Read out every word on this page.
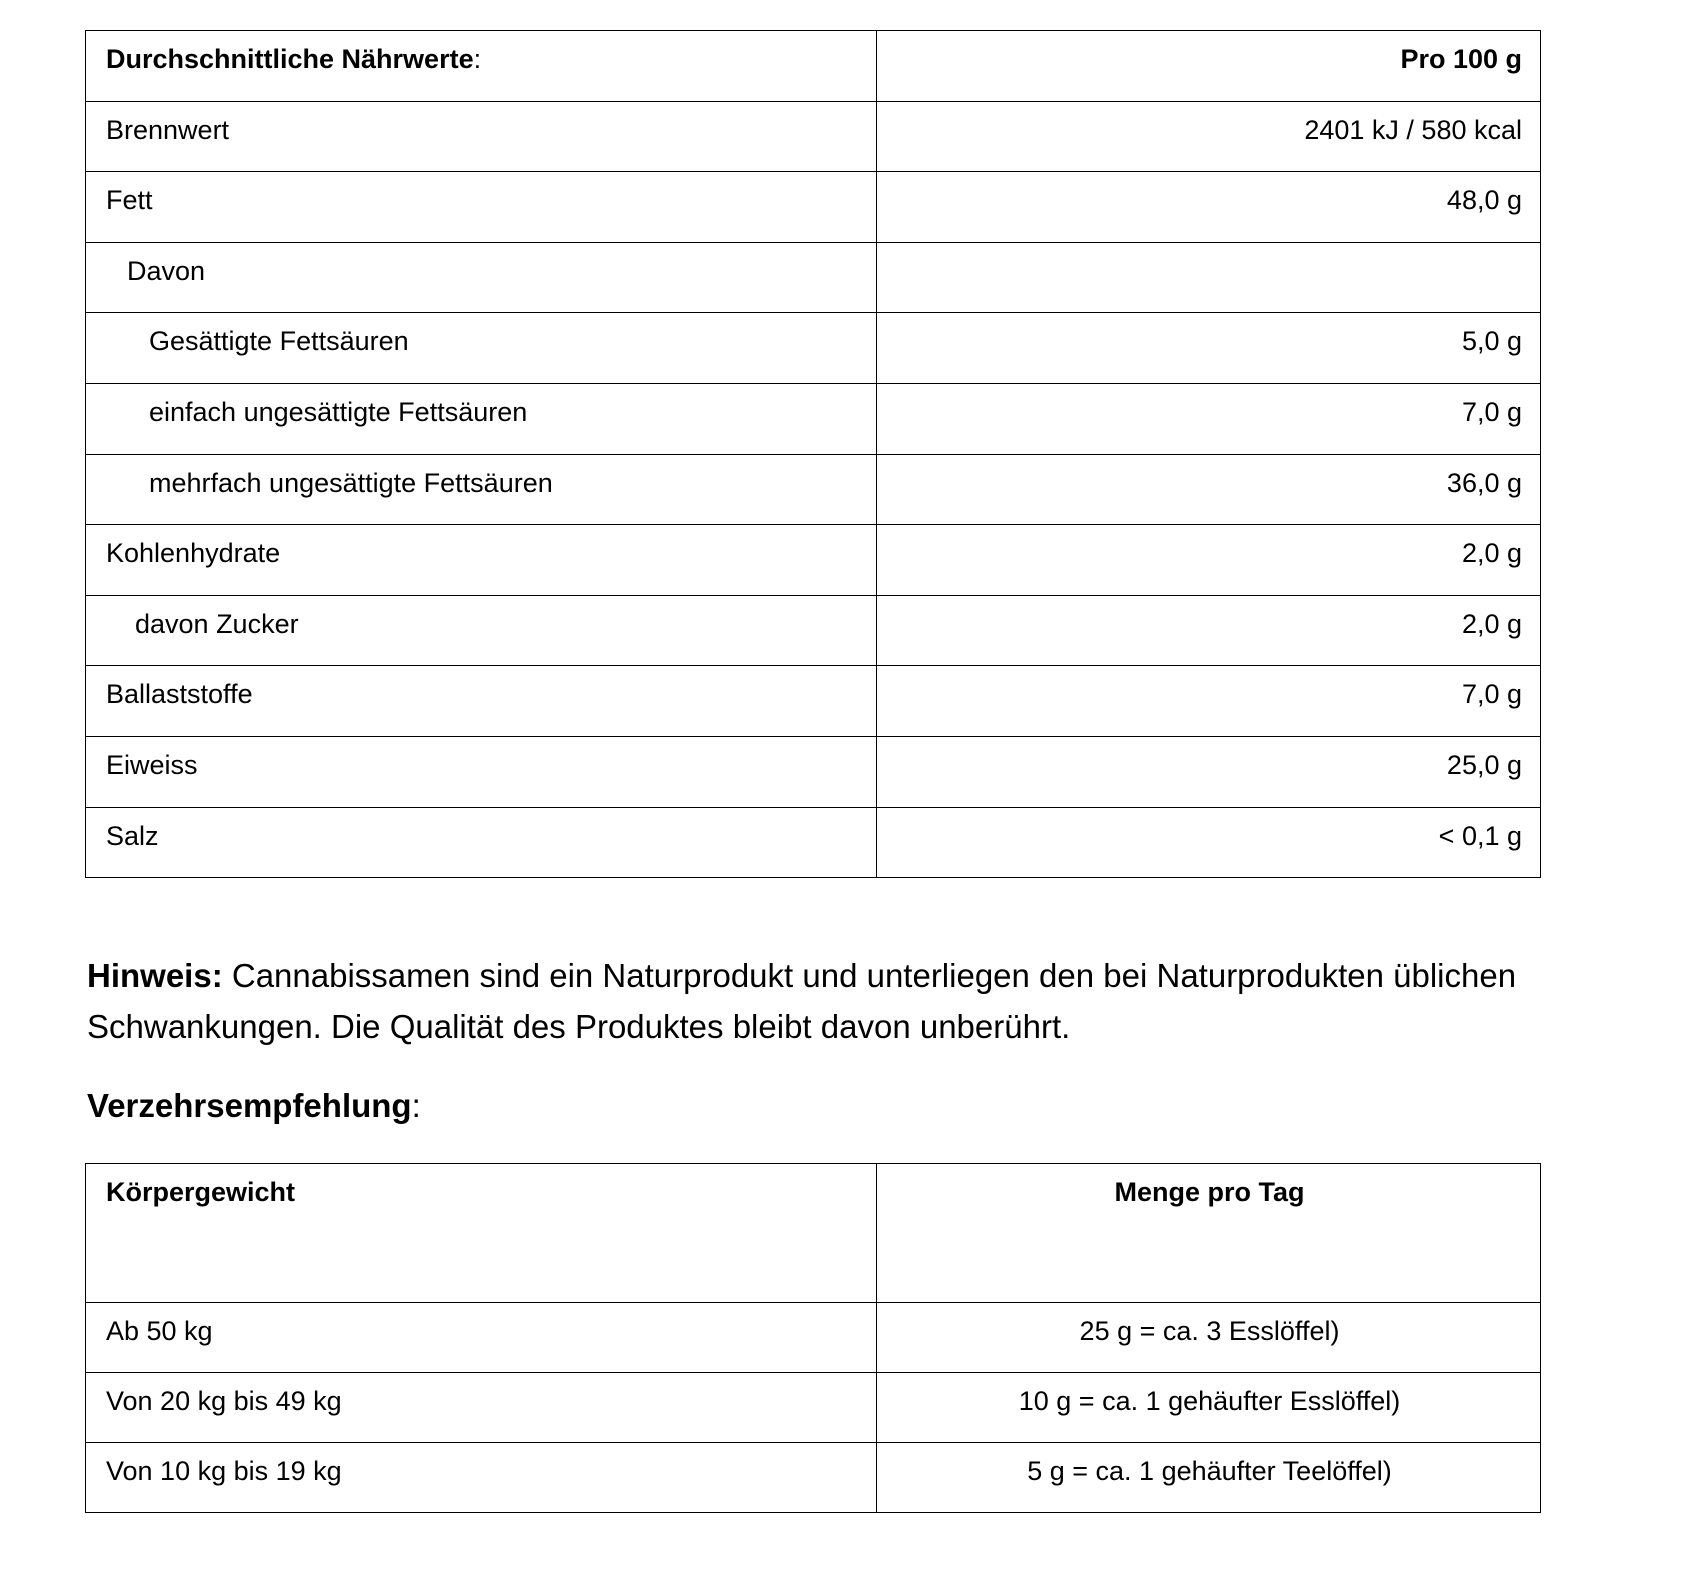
Durchschnittliche Nährwerte:	Pro 100 g
Brennwert	2401 kJ / 580 kcal
Fett	48,0 g
Davon	
Gesättigte Fettsäuren	5,0 g
einfach ungesättigte Fettsäuren	7,0 g
mehrfach ungesättigte Fettsäuren	36,0 g
Kohlenhydrate	2,0 g
davon Zucker	2,0 g
Ballaststoffe	7,0 g
Eiweiss	25,0 g
Salz	< 0,1 g

Hinweis: Cannabissamen sind ein Naturprodukt und unterliegen den bei Naturprodukten üblichen Schwankungen. Die Qualität des Produktes bleibt davon unberührt.

Verzehrsempfehlung:
Körpergewicht	Menge pro Tag
Ab 50 kg	25 g = ca. 3 Esslöffel)
Von 20 kg bis 49 kg	10 g = ca. 1 gehäufter Esslöffel)
Von 10 kg bis 19 kg	5 g = ca. 1 gehäufter Teelöffel)
